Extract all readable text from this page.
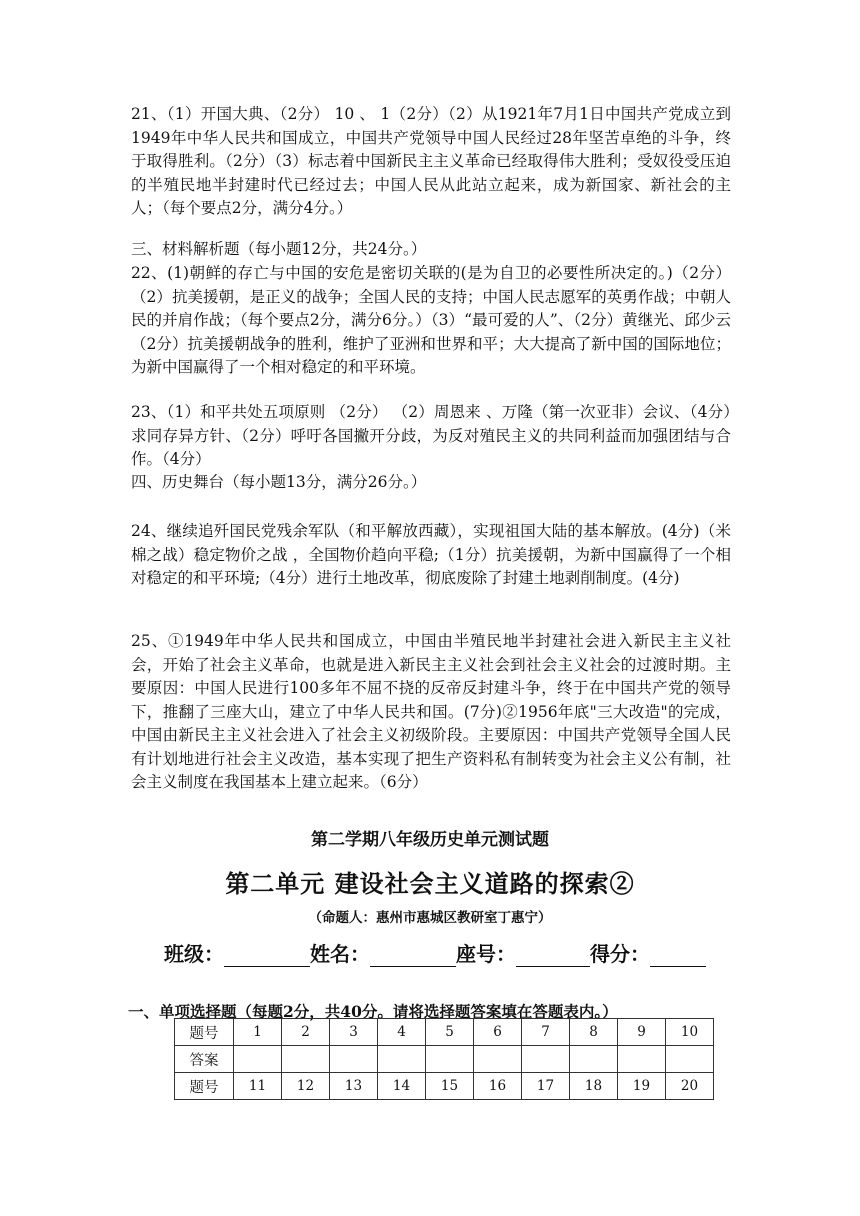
21、（1）开国大典、（2分） 10 、 1（2分）（2）从1921年7月1日中国共产党成立到1949年中华人民共和国成立，中国共产党领导中国人民经过28年坚苦卓绝的斗争，终于取得胜利。（2分）（3）标志着中国新民主主义革命已经取得伟大胜利；受奴役受压迫的半殖民地半封建时代已经过去；中国人民从此站立起来，成为新国家、新社会的主人；（每个要点2分，满分4分。）

三、材料解析题（每小题12分，共24分。）

22、(1)朝鲜的存亡与中国的安危是密切关联的(是为自卫的必要性所决定的。)（2分）（2）抗美援朝，是正义的战争；全国人民的支持；中国人民志愿军的英勇作战；中朝人民的并肩作战；（每个要点2分，满分6分。）（3）“最可爱的人”、（2分）黄继光、邱少云（2分）抗美援朝战争的胜利，维护了亚洲和世界和平；大大提高了新中国的国际地位；为新中国赢得了一个相对稳定的和平环境。

23、（1）和平共处五项原则 （2分） （2）周恩来 、万隆（第一次亚非）会议、（4分）求同存异方针、（2分）呼吁各国撇开分歧，为反对殖民主义的共同利益而加强团结与合作。（4分）

四、历史舞台（每小题13分，满分26分。）

24、继续追歼国民党残余军队（和平解放西藏），实现祖国大陆的基本解放。(4分)（米棉之战）稳定物价之战 ，全国物价趋向平稳;（1分）抗美援朝，为新中国赢得了一个相对稳定的和平环境;（4分）进行土地改革，彻底废除了封建土地剥削制度。(4分)

25、①1949年中华人民共和国成立，中国由半殖民地半封建社会进入新民主主义社会，开始了社会主义革命，也就是进入新民主主义社会到社会主义社会的过渡时期。主要原因：中国人民进行100多年不屈不挠的反帝反封建斗争，终于在中国共产党的领导下，推翻了三座大山，建立了中华人民共和国。(7分)②1956年底"三大改造"的完成，中国由新民主主义社会进入了社会主义初级阶段。主要原因：中国共产党领导全国人民有计划地进行社会主义改造，基本实现了把生产资料私有制转变为社会主义公有制，社会主义制度在我国基本上建立起来。（6分）

第二学期八年级历史单元测试题

第二单元 建设社会主义道路的探索②

（命题人：惠州市惠城区教研室丁惠宁）

班级：	姓名：	座号：	得分：

一、单项选择题（每题2分，共40分。请将选择题答案填在答题表内。）

题号	1	2	3	4	5	6	7	8	9	10
答案										
题号	11	12	13	14	15	16	17	18	19	20
